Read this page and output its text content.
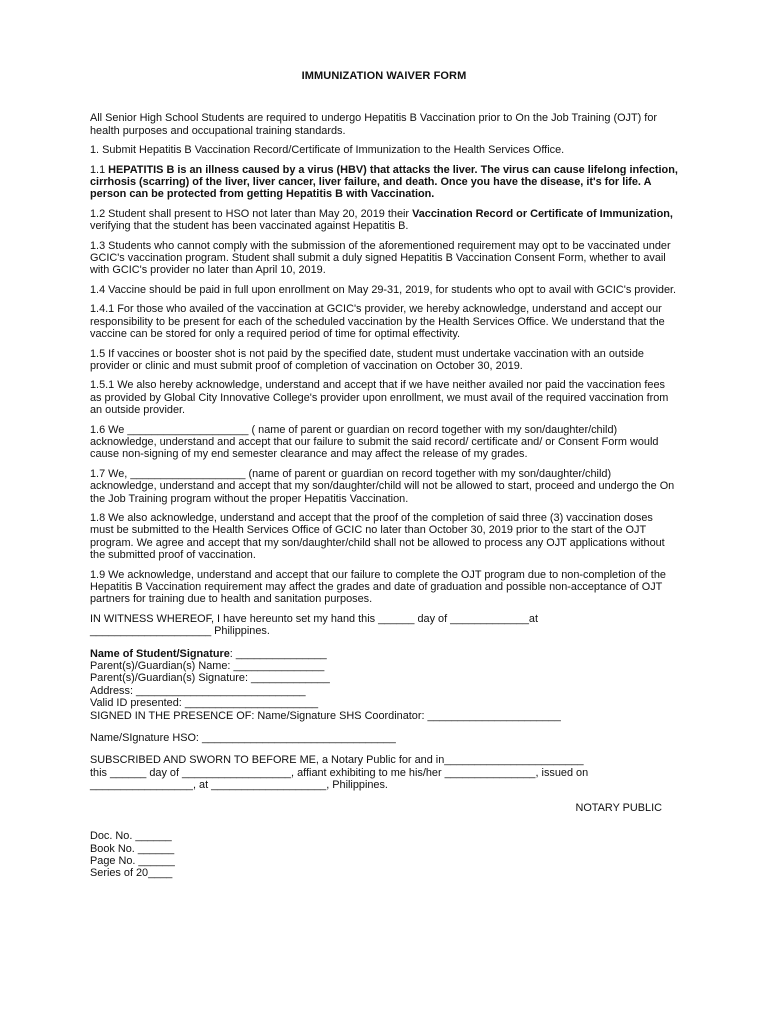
IMMUNIZATION WAIVER FORM

All Senior High School Students are required to undergo Hepatitis B Vaccination prior to On the Job Training (OJT) for health purposes and occupational training standards.

1. Submit Hepatitis B Vaccination Record/Certificate of Immunization to the Health Services Office.

1.1 HEPATITIS B is an illness caused by a virus (HBV) that attacks the liver. The virus can cause lifelong infection, cirrhosis (scarring) of the liver, liver cancer, liver failure, and death. Once you have the disease, it's for life. A person can be protected from getting Hepatitis B with Vaccination.

1.2 Student shall present to HSO not later than May 20, 2019 their Vaccination Record or Certificate of Immunization, verifying that the student has been vaccinated against Hepatitis B.

1.3 Students who cannot comply with the submission of the aforementioned requirement may opt to be vaccinated under GCIC's vaccination program. Student shall submit a duly signed Hepatitis B Vaccination Consent Form, whether to avail with GCIC's provider no later than April 10, 2019.

1.4 Vaccine should be paid in full upon enrollment on May 29-31, 2019, for students who opt to avail with GCIC's provider.

1.4.1 For those who availed of the vaccination at GCIC's provider, we hereby acknowledge, understand and accept our responsibility to be present for each of the scheduled vaccination by the Health Services Office. We understand that the vaccine can be stored for only a required period of time for optimal effectivity.

1.5 If vaccines or booster shot is not paid by the specified date, student must undertake vaccination with an outside provider or clinic and must submit proof of completion of vaccination on October 30, 2019.

1.5.1 We also hereby acknowledge, understand and accept that if we have neither availed nor paid the vaccination fees as provided by Global City Innovative College's provider upon enrollment, we must avail of the required vaccination from an outside provider.

1.6 We ____________________ ( name of parent or guardian on record together with my son/daughter/child) acknowledge, understand and accept that our failure to submit the said record/ certificate and/ or Consent Form would cause non-signing of my end semester clearance and may affect the release of my grades.

1.7 We, ___________________ (name of parent or guardian on record together with my son/daughter/child) acknowledge, understand and accept that my son/daughter/child will not be allowed to start, proceed and undergo the On the Job Training program without the proper Hepatitis Vaccination.

1.8 We also acknowledge, understand and accept that the proof of the completion of said three (3) vaccination doses must be submitted to the Health Services Office of GCIC no later than October 30, 2019 prior to the start of the OJT program. We agree and accept that my son/daughter/child shall not be allowed to process any OJT applications without the submitted proof of vaccination.

1.9 We acknowledge, understand and accept that our failure to complete the OJT program due to non-completion of the Hepatitis B Vaccination requirement may affect the grades and date of graduation and possible non-acceptance of OJT partners for training due to health and sanitation purposes.

IN WITNESS WHEREOF, I have hereunto set my hand this ______ day of _____________at
____________________ Philippines.
Name of Student/Signature: _______________
Parent(s)/Guardian(s) Name: _______________
Parent(s)/Guardian(s) Signature: _____________
Address: ____________________________
Valid ID presented: ______________________
SIGNED IN THE PRESENCE OF: Name/Signature SHS Coordinator: ______________________
Name/SIgnature HSO: ________________________________
SUBSCRIBED AND SWORN TO BEFORE ME, a Notary Public for and in_______________________
this ______ day of __________________, affiant exhibiting to me his/her _______________, issued on
_________________, at ___________________, Philippines.
NOTARY PUBLIC
Doc. No. ______
Book No. ______
Page No. ______
Series of 20____
